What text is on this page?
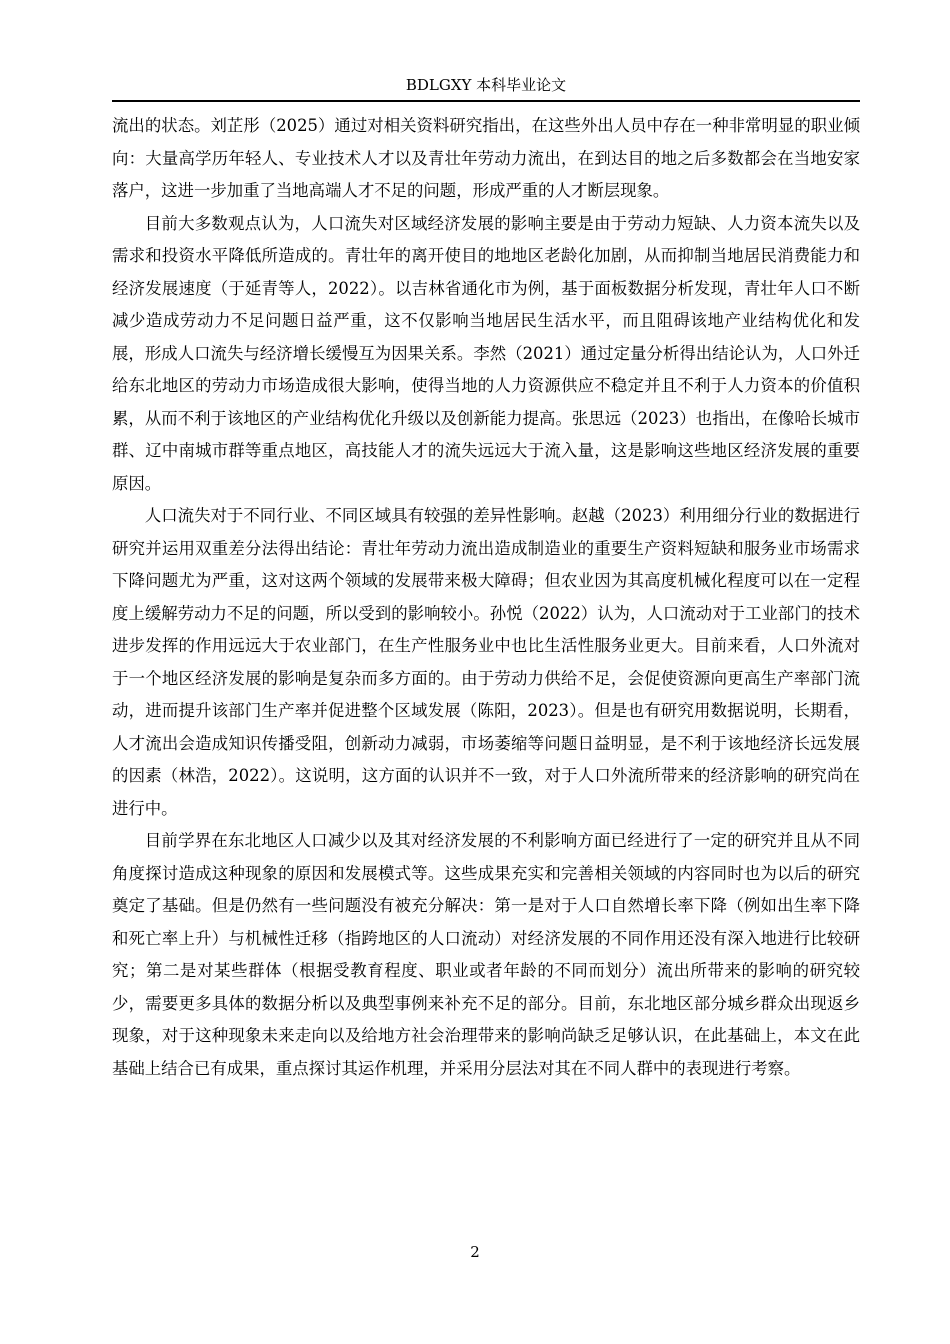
BDLGXY 本科毕业论文

流出的状态。刘芷彤（2025）通过对相关资料研究指出，在这些外出人员中存在一种非常明显的职业倾向：大量高学历年轻人、专业技术人才以及青壮年劳动力流出，在到达目的地之后多数都会在当地安家落户，这进一步加重了当地高端人才不足的问题，形成严重的人才断层现象。

目前大多数观点认为，人口流失对区域经济发展的影响主要是由于劳动力短缺、人力资本流失以及需求和投资水平降低所造成的。青壮年的离开使目的地地区老龄化加剧，从而抑制当地居民消费能力和经济发展速度（于延青等人，2022）。以吉林省通化市为例，基于面板数据分析发现，青壮年人口不断减少造成劳动力不足问题日益严重，这不仅影响当地居民生活水平，而且阻碍该地产业结构优化和发展，形成人口流失与经济增长缓慢互为因果关系。李然（2021）通过定量分析得出结论认为，人口外迁给东北地区的劳动力市场造成很大影响，使得当地的人力资源供应不稳定并且不利于人力资本的价值积累，从而不利于该地区的产业结构优化升级以及创新能力提高。张思远（2023）也指出，在像哈长城市群、辽中南城市群等重点地区，高技能人才的流失远远大于流入量，这是影响这些地区经济发展的重要原因。

人口流失对于不同行业、不同区域具有较强的差异性影响。赵越（2023）利用细分行业的数据进行研究并运用双重差分法得出结论：青壮年劳动力流出造成制造业的重要生产资料短缺和服务业市场需求下降问题尤为严重，这对这两个领域的发展带来极大障碍；但农业因为其高度机械化程度可以在一定程度上缓解劳动力不足的问题，所以受到的影响较小。孙悦（2022）认为，人口流动对于工业部门的技术进步发挥的作用远远大于农业部门，在生产性服务业中也比生活性服务业更大。目前来看，人口外流对于一个地区经济发展的影响是复杂而多方面的。由于劳动力供给不足，会促使资源向更高生产率部门流动，进而提升该部门生产率并促进整个区域发展（陈阳，2023）。但是也有研究用数据说明，长期看，人才流出会造成知识传播受阻，创新动力减弱，市场萎缩等问题日益明显，是不利于该地经济长远发展的因素（林浩，2022）。这说明，这方面的认识并不一致，对于人口外流所带来的经济影响的研究尚在进行中。

目前学界在东北地区人口减少以及其对经济发展的不利影响方面已经进行了一定的研究并且从不同角度探讨造成这种现象的原因和发展模式等。这些成果充实和完善相关领域的内容同时也为以后的研究奠定了基础。但是仍然有一些问题没有被充分解决：第一是对于人口自然增长率下降（例如出生率下降和死亡率上升）与机械性迁移（指跨地区的人口流动）对经济发展的不同作用还没有深入地进行比较研究；第二是对某些群体（根据受教育程度、职业或者年龄的不同而划分）流出所带来的影响的研究较少，需要更多具体的数据分析以及典型事例来补充不足的部分。目前，东北地区部分城乡群众出现返乡现象，对于这种现象未来走向以及给地方社会治理带来的影响尚缺乏足够认识，在此基础上，本文在此基础上结合已有成果，重点探讨其运作机理，并采用分层法对其在不同人群中的表现进行考察。

2
